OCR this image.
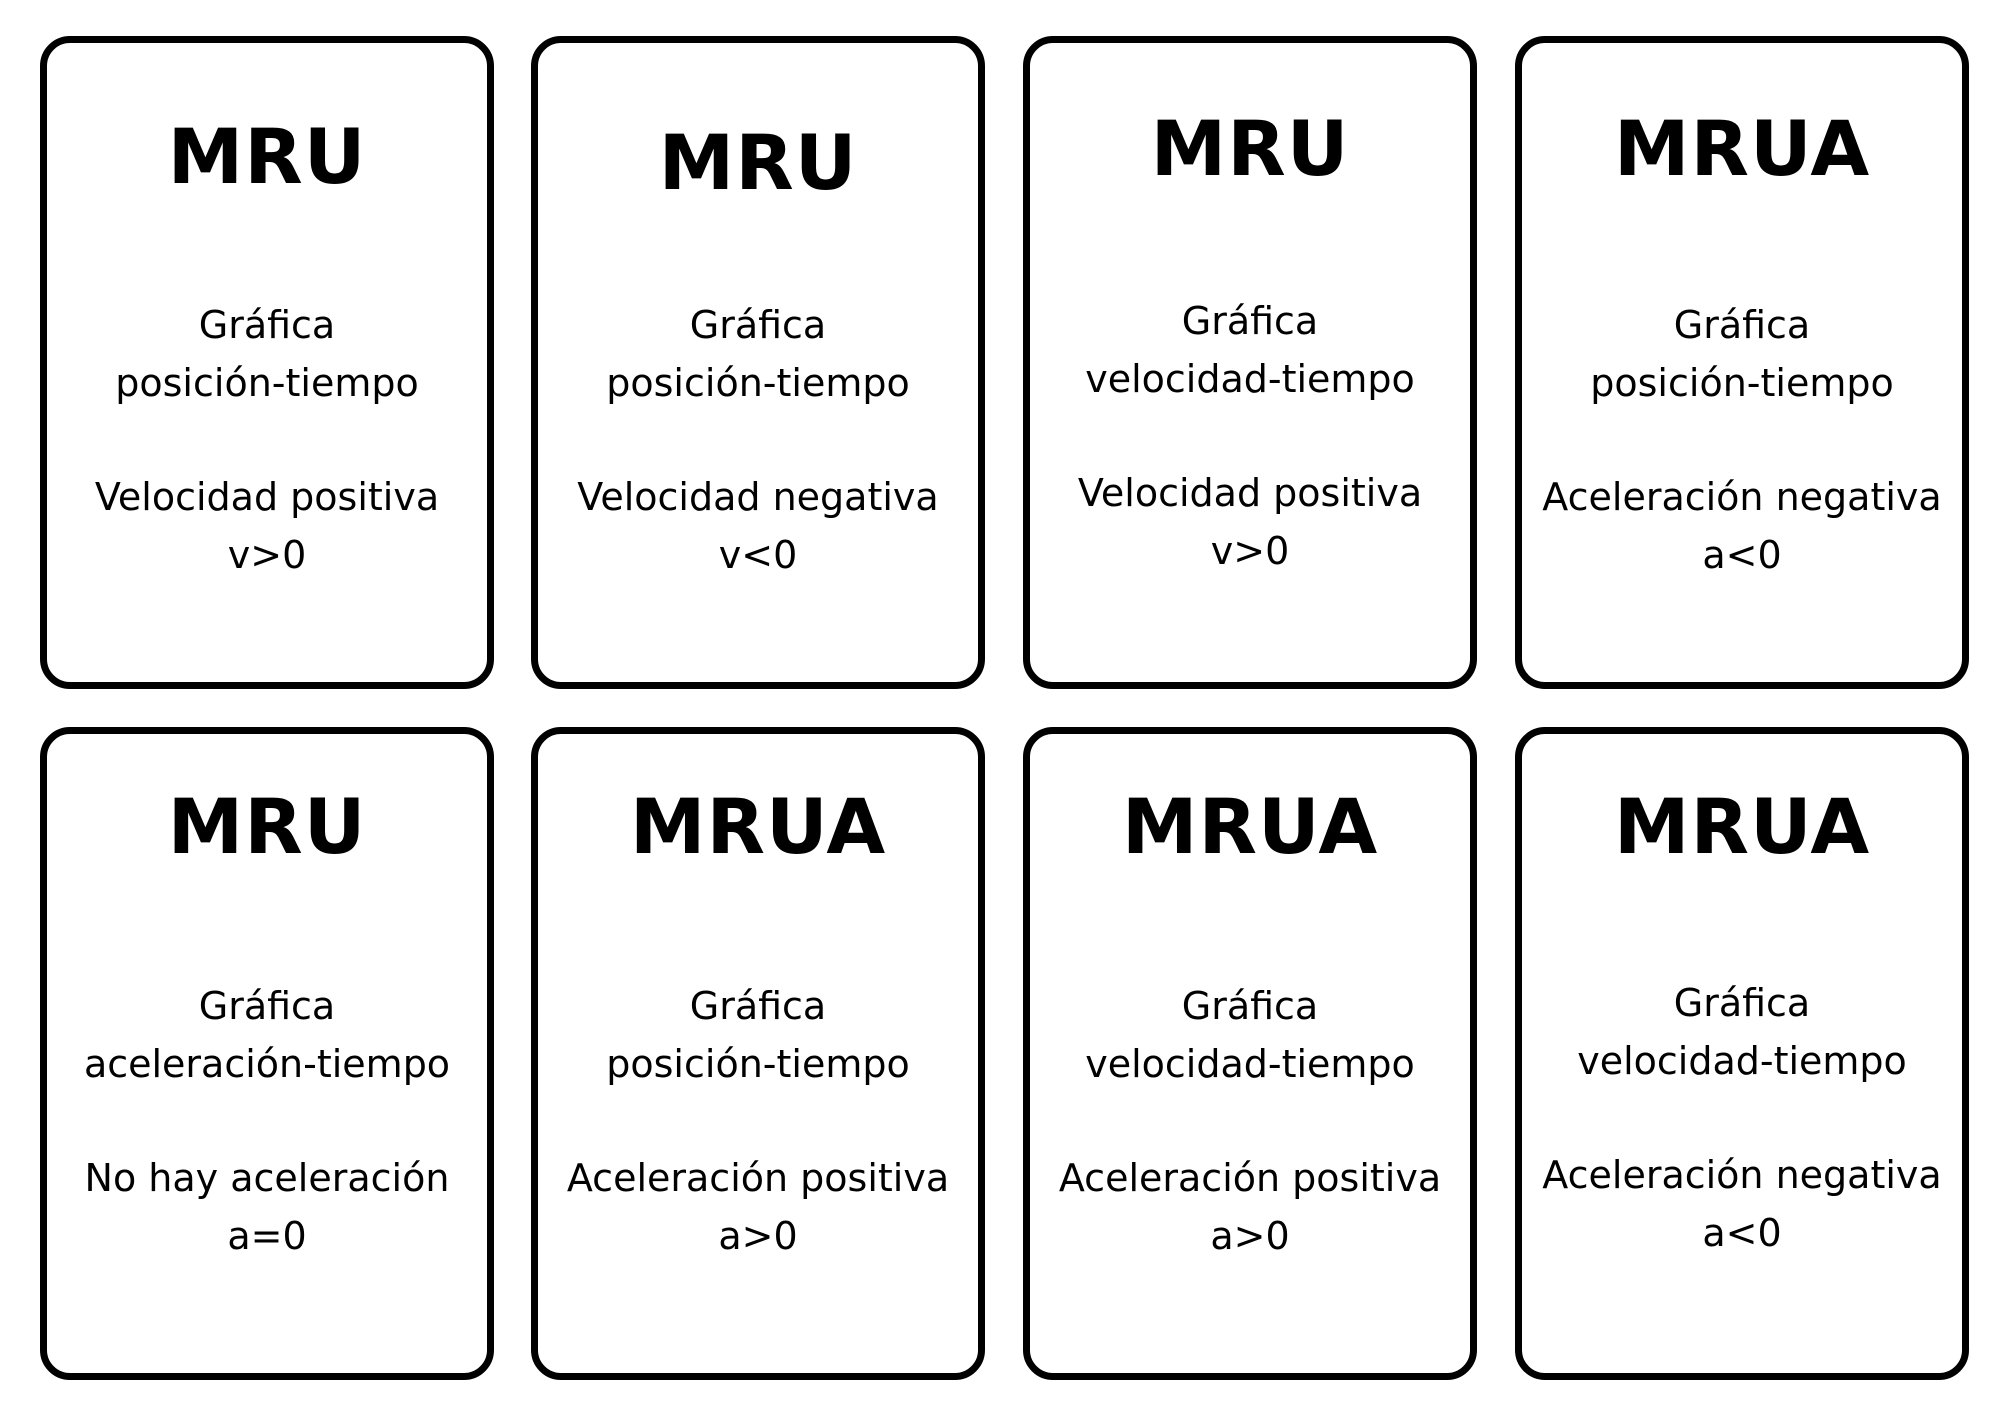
MRU
Gráfica
posición-tiempo
Velocidad positiva
v>0
MRU
Gráfica
posición-tiempo
Velocidad negativa
v<0
MRU
Gráfica
velocidad-tiempo
Velocidad positiva
v>0
MRUA
Gráfica
posición-tiempo
Aceleración negativa
a<0
MRU
Gráfica
aceleración-tiempo
No hay aceleración
a=0
MRUA
Gráfica
posición-tiempo
Aceleración positiva
a>0
MRUA
Gráfica
velocidad-tiempo
Aceleración positiva
a>0
MRUA
Gráfica
velocidad-tiempo
Aceleración negativa
a<0
